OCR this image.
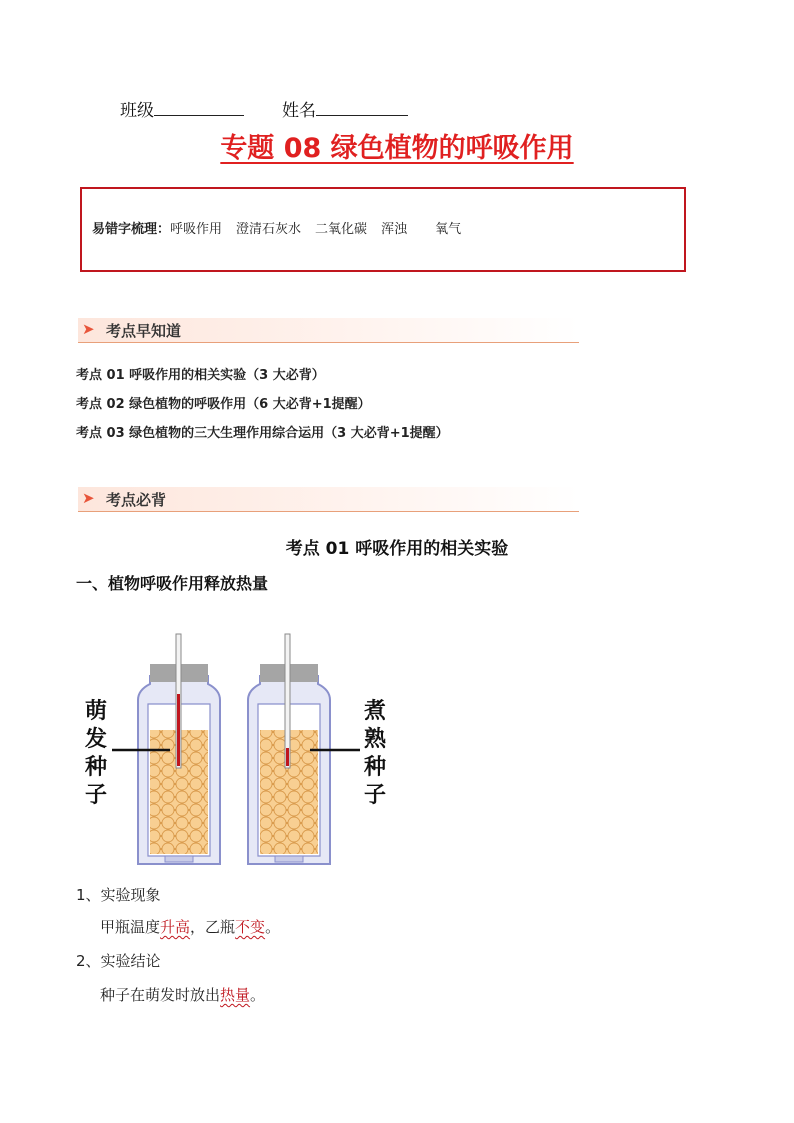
班级	姓名
专题 08 绿色植物的呼吸作用
易错字梳理：呼吸作用 澄清石灰水 二氧化碳 浑浊 氧气
➤ 考点早知道
考点 01 呼吸作用的相关实验（3 大必背）
考点 02 绿色植物的呼吸作用（6 大必背+1提醒）
考点 03 绿色植物的三大生理作用综合运用（3 大必背+1提醒）
➤ 考点必背
考点 01 呼吸作用的相关实验
一、植物呼吸作用释放热量
萌
发
种
子
煮
熟
种
子
1、实验现象
甲瓶温度升高，乙瓶不变。
2、实验结论
种子在萌发时放出热量。
